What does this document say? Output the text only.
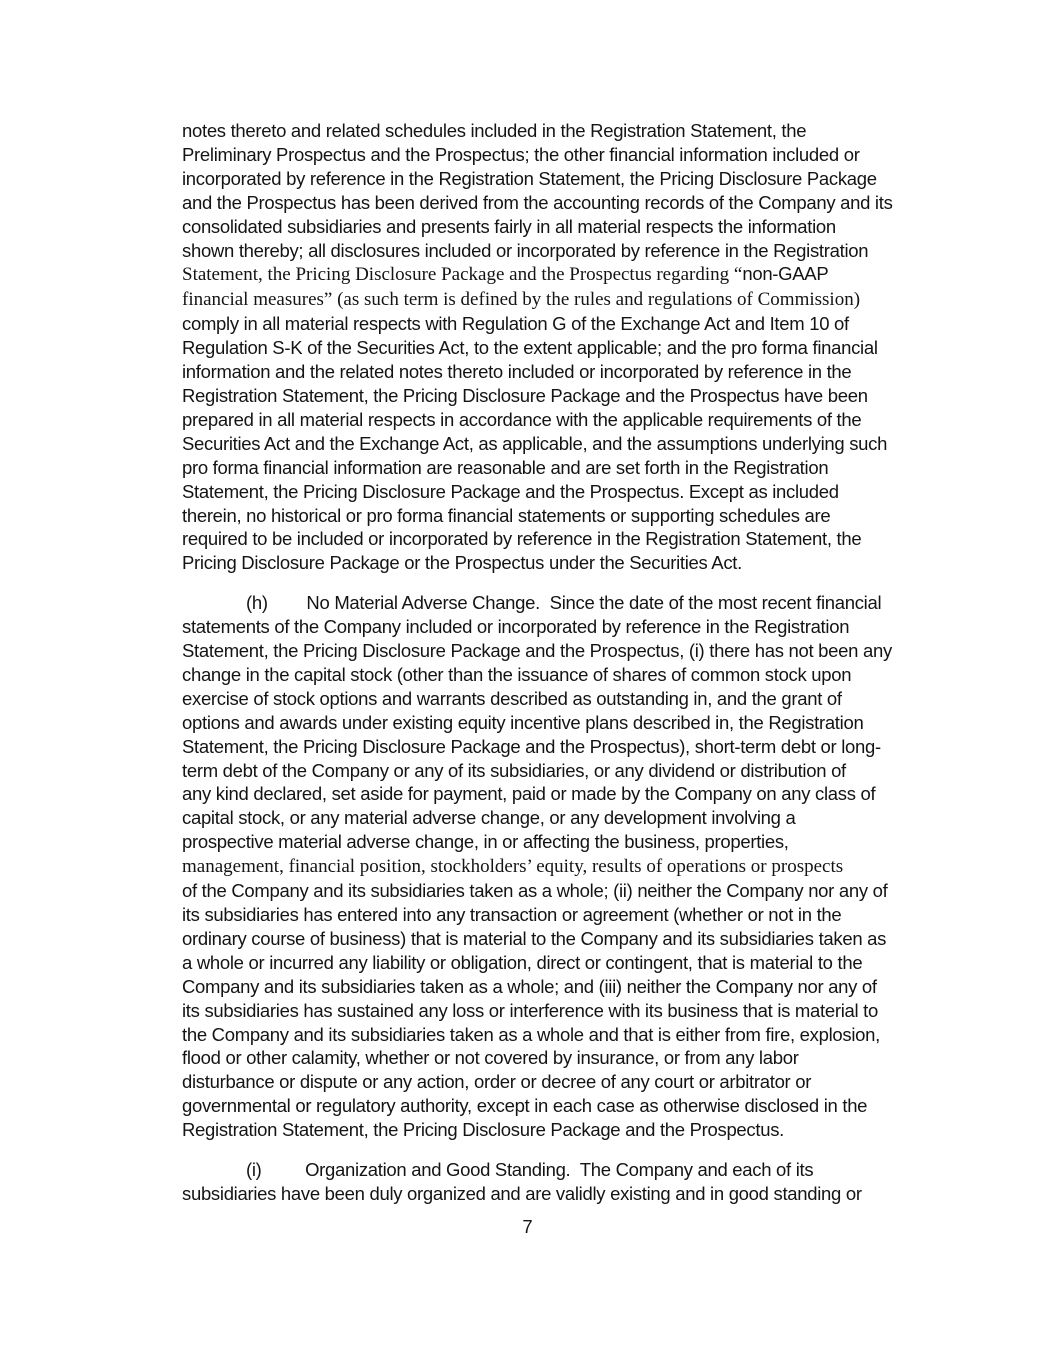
notes thereto and related schedules included in the Registration Statement, the
Preliminary Prospectus and the Prospectus; the other financial information included or
incorporated by reference in the Registration Statement, the Pricing Disclosure Package
and the Prospectus has been derived from the accounting records of the Company and its
consolidated subsidiaries and presents fairly in all material respects the information
shown thereby; all disclosures included or incorporated by reference in the Registration
Statement, the Pricing Disclosure Package and the Prospectus regarding “non-GAAP
financial measures” (as such term is defined by the rules and regulations of Commission)
comply in all material respects with Regulation G of the Exchange Act and Item 10 of
Regulation S-K of the Securities Act, to the extent applicable; and the pro forma financial
information and the related notes thereto included or incorporated by reference in the
Registration Statement, the Pricing Disclosure Package and the Prospectus have been
prepared in all material respects in accordance with the applicable requirements of the
Securities Act and the Exchange Act, as applicable, and the assumptions underlying such
pro forma financial information are reasonable and are set forth in the Registration
Statement, the Pricing Disclosure Package and the Prospectus. Except as included
therein, no historical or pro forma financial statements or supporting schedules are
required to be included or incorporated by reference in the Registration Statement, the
Pricing Disclosure Package or the Prospectus under the Securities Act.
(h)        No Material Adverse Change.  Since the date of the most recent financial
statements of the Company included or incorporated by reference in the Registration
Statement, the Pricing Disclosure Package and the Prospectus, (i) there has not been any
change in the capital stock (other than the issuance of shares of common stock upon
exercise of stock options and warrants described as outstanding in, and the grant of
options and awards under existing equity incentive plans described in, the Registration
Statement, the Pricing Disclosure Package and the Prospectus), short-term debt or long-
term debt of the Company or any of its subsidiaries, or any dividend or distribution of
any kind declared, set aside for payment, paid or made by the Company on any class of
capital stock, or any material adverse change, or any development involving a
prospective material adverse change, in or affecting the business, properties,
management, financial position, stockholders’ equity, results of operations or prospects
of the Company and its subsidiaries taken as a whole; (ii) neither the Company nor any of
its subsidiaries has entered into any transaction or agreement (whether or not in the
ordinary course of business) that is material to the Company and its subsidiaries taken as
a whole or incurred any liability or obligation, direct or contingent, that is material to the
Company and its subsidiaries taken as a whole; and (iii) neither the Company nor any of
its subsidiaries has sustained any loss or interference with its business that is material to
the Company and its subsidiaries taken as a whole and that is either from fire, explosion,
flood or other calamity, whether or not covered by insurance, or from any labor
disturbance or dispute or any action, order or decree of any court or arbitrator or
governmental or regulatory authority, except in each case as otherwise disclosed in the
Registration Statement, the Pricing Disclosure Package and the Prospectus.
(i)         Organization and Good Standing.  The Company and each of its
subsidiaries have been duly organized and are validly existing and in good standing or
7
